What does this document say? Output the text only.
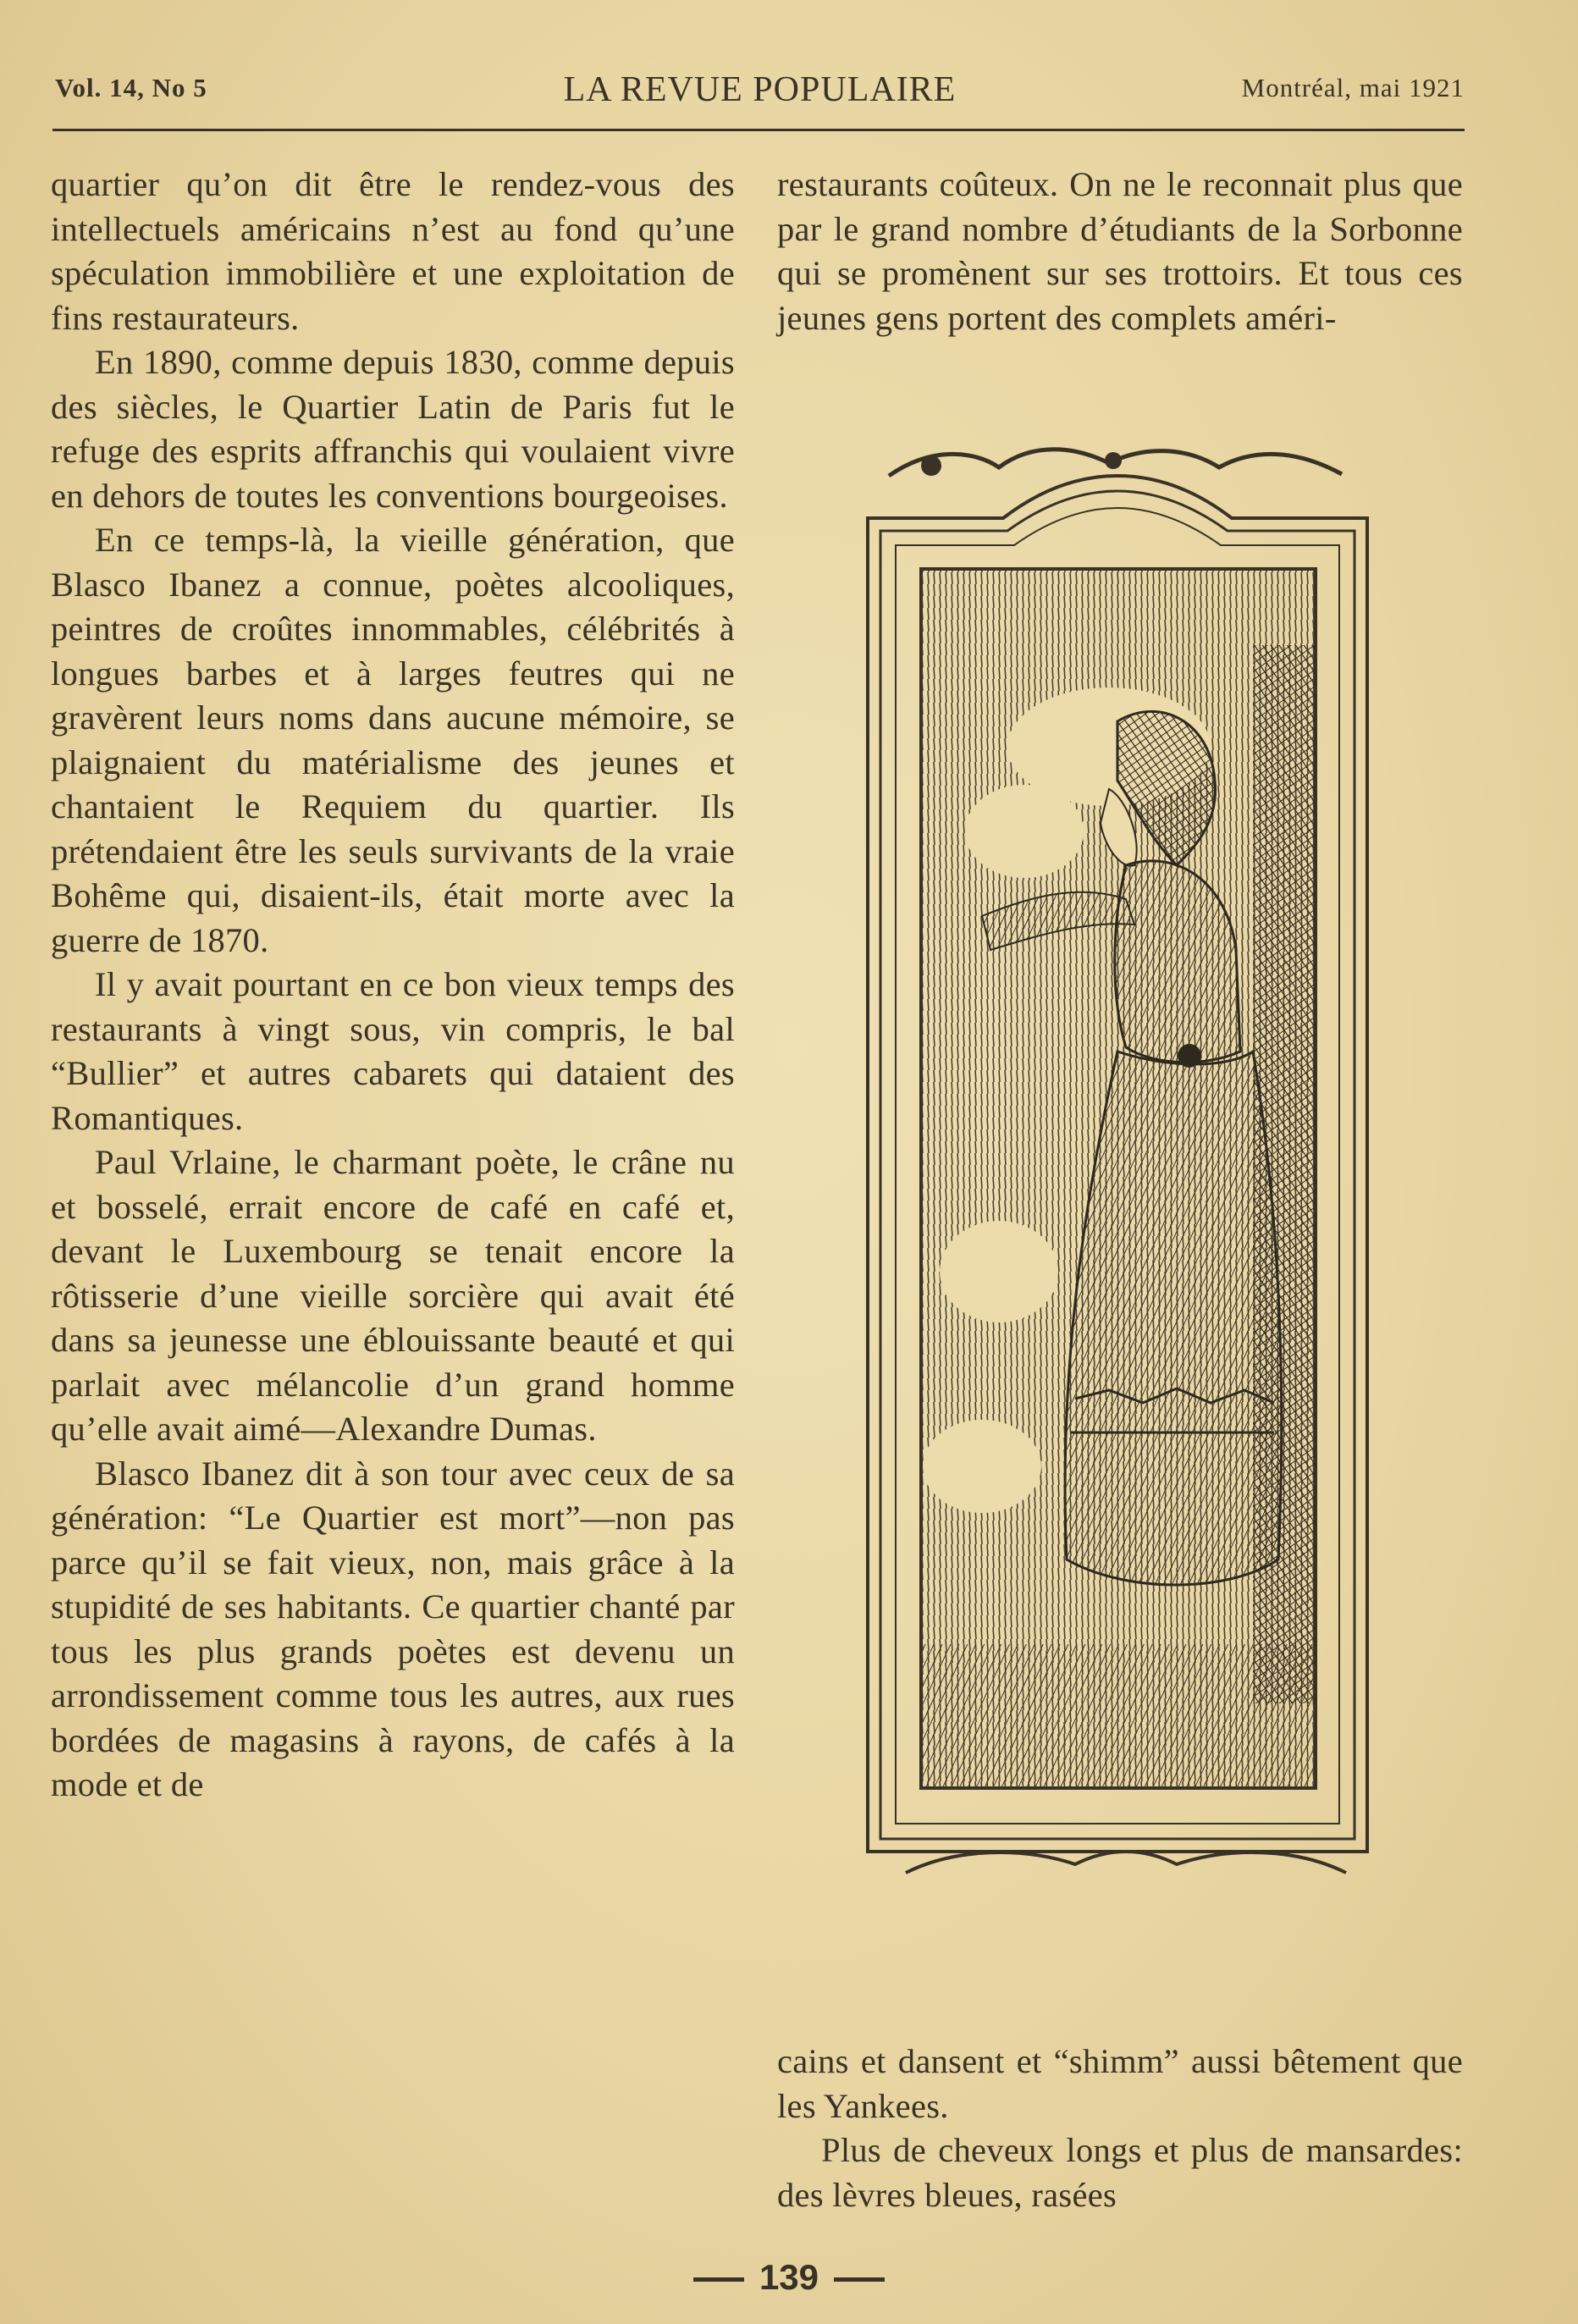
Vol. 14, No 5	LA REVUE POPULAIRE	Montréal, mai 1921

quartier qu’on dit être le rendez-vous des intellectuels américains n’est au fond qu’une spéculation immobilière et une exploitation de fins restaurateurs.

En 1890, comme depuis 1830, comme depuis des siècles, le Quartier Latin de Paris fut le refuge des esprits affranchis qui voulaient vivre en dehors de toutes les conventions bourgeoises.

En ce temps-là, la vieille génération, que Blasco Ibanez a connue, poètes alcooliques, peintres de croûtes innommables, célébrités à longues barbes et à larges feutres qui ne gravèrent leurs noms dans aucune mémoire, se plaignaient du matérialisme des jeunes et chantaient le Requiem du quartier. Ils prétendaient être les seuls survivants de la vraie Bohême qui, disaient-ils, était morte avec la guerre de 1870.

Il y avait pourtant en ce bon vieux temps des restaurants à vingt sous, vin compris, le bal “Bullier” et autres cabarets qui dataient des Romantiques.

Paul Vrlaine, le charmant poète, le crâne nu et bosselé, errait encore de café en café et, devant le Luxembourg se tenait encore la rôtisserie d’une vieille sorcière qui avait été dans sa jeunesse une éblouissante beauté et qui parlait avec mélancolie d’un grand homme qu’elle avait aimé—Alexandre Dumas.

Blasco Ibanez dit à son tour avec ceux de sa génération: “Le Quartier est mort”—non pas parce qu’il se fait vieux, non, mais grâce à la stupidité de ses habitants. Ce quartier chanté par tous les plus grands poètes est devenu un arrondissement comme tous les autres, aux rues bordées de magasins à rayons, de cafés à la mode et de

restaurants coûteux. On ne le reconnait plus que par le grand nombre d’étudiants de la Sorbonne qui se promènent sur ses trottoirs. Et tous ces jeunes gens portent des complets améri-

cains et dansent et “shimm” aussi bêtement que les Yankees.

Plus de cheveux longs et plus de mansardes: des lèvres bleues, rasées

139
